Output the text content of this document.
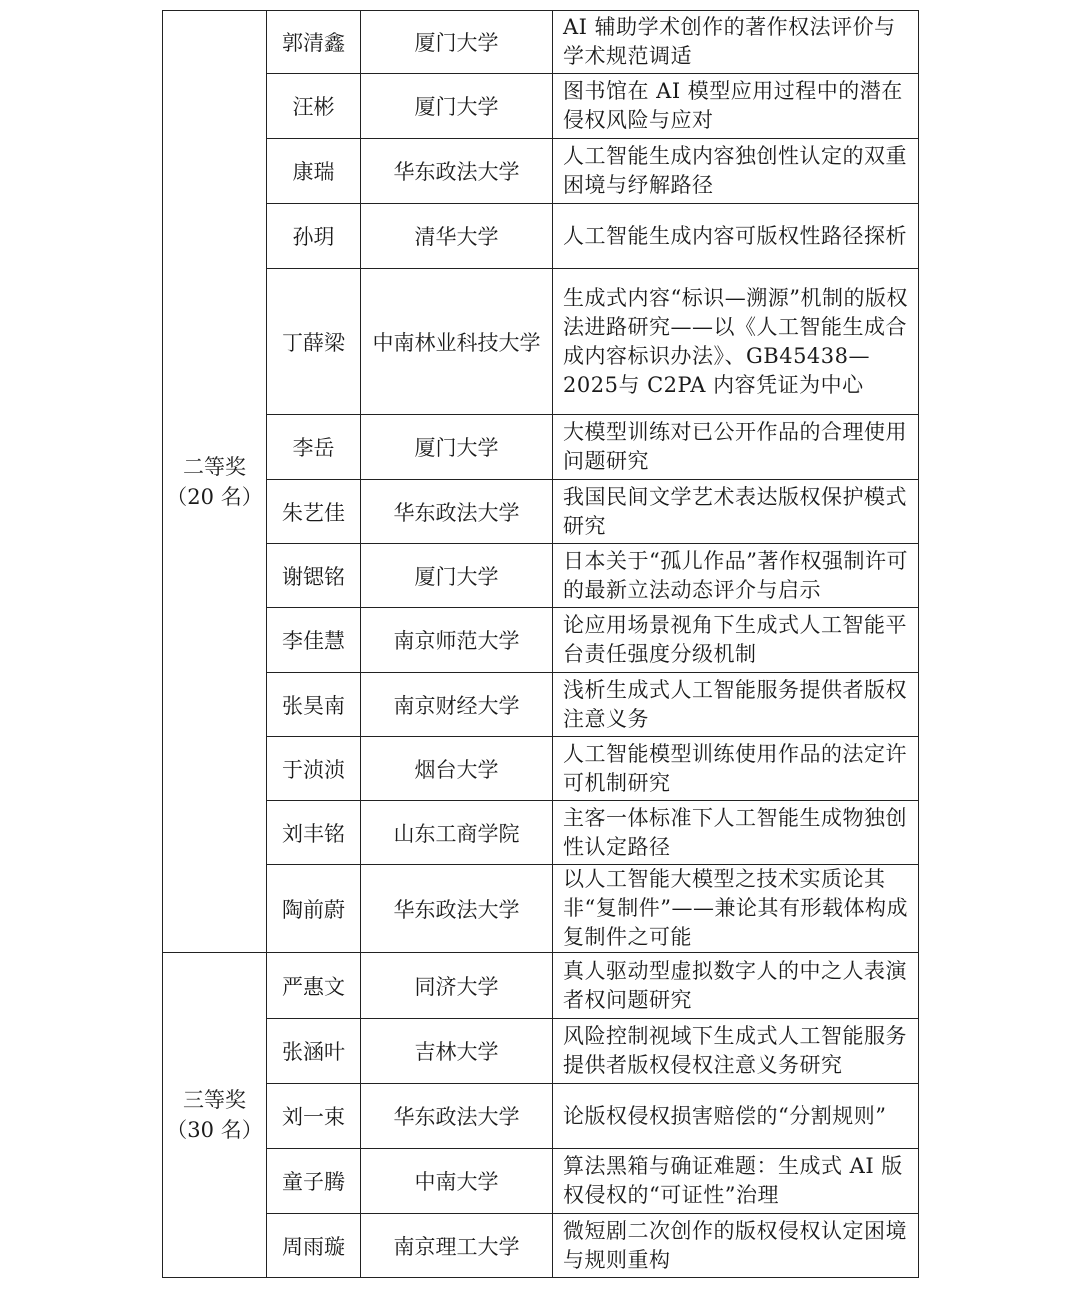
二等奖
（20 名）	郭清鑫	厦门大学	AI 辅助学术创作的著作权法评价与学术规范调适
	汪彬	厦门大学	图书馆在 AI 模型应用过程中的潜在侵权风险与应对
	康瑞	华东政法大学	人工智能生成内容独创性认定的双重困境与纾解路径
	孙玥	清华大学	人工智能生成内容可版权性路径探析
	丁薛梁	中南林业科技大学	生成式内容“标识—溯源”机制的版权法进路研究——以《人工智能生成合成内容标识办法》、GB45438—2025与 C2PA 内容凭证为中心
	李岳	厦门大学	大模型训练对已公开作品的合理使用问题研究
	朱艺佳	华东政法大学	我国民间文学艺术表达版权保护模式研究
	谢锶铭	厦门大学	日本关于“孤儿作品”著作权强制许可的最新立法动态评介与启示
	李佳慧	南京师范大学	论应用场景视角下生成式人工智能平台责任强度分级机制
	张昊南	南京财经大学	浅析生成式人工智能服务提供者版权注意义务
	于浈浈	烟台大学	人工智能模型训练使用作品的法定许可机制研究
	刘丰铭	山东工商学院	主客一体标准下人工智能生成物独创性认定路径
	陶前蔚	华东政法大学	以人工智能大模型之技术实质论其非“复制件”——兼论其有形载体构成复制件之可能

三等奖
（30 名）	严惠文	同济大学	真人驱动型虚拟数字人的中之人表演者权问题研究
	张涵叶	吉林大学	风险控制视域下生成式人工智能服务提供者版权侵权注意义务研究
	刘一束	华东政法大学	论版权侵权损害赔偿的“分割规则”
	童子腾	中南大学	算法黑箱与确证难题：生成式 AI 版权侵权的“可证性”治理
	周雨璇	南京理工大学	微短剧二次创作的版权侵权认定困境与规则重构
